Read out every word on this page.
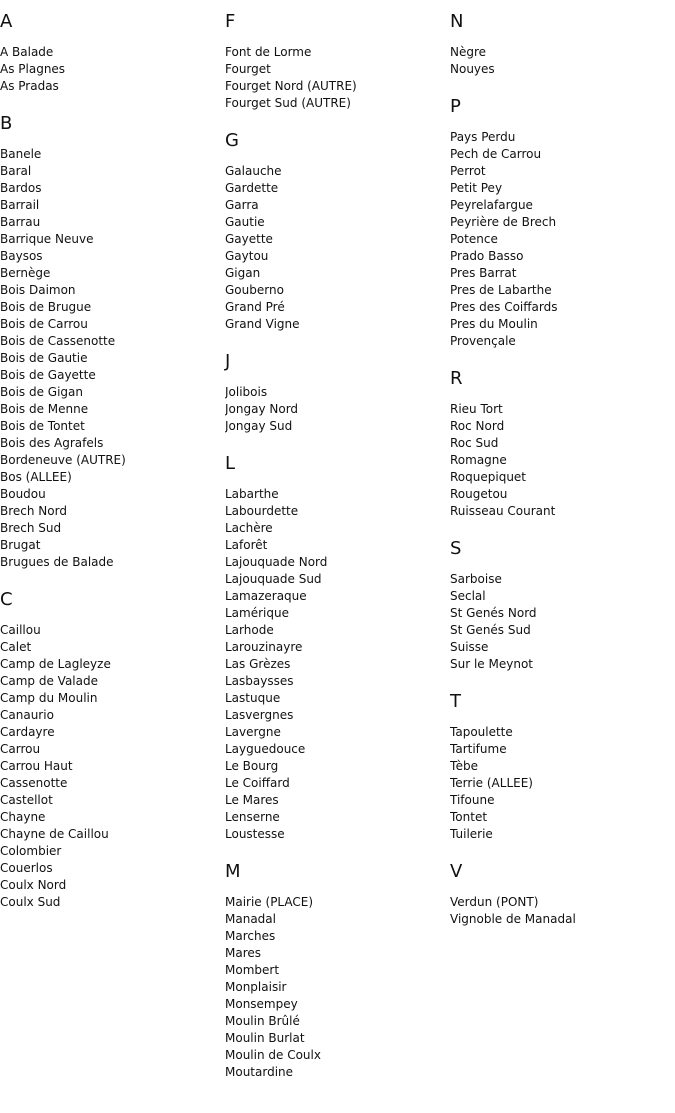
A
A Balade
As Plagnes
As Pradas
B
Banele
Baral
Bardos
Barrail
Barrau
Barrique Neuve
Baysos
Bernège
Bois Daimon
Bois de Brugue
Bois de Carrou
Bois de Cassenotte
Bois de Gautie
Bois de Gayette
Bois de Gigan
Bois de Menne
Bois de Tontet
Bois des Agrafels
Bordeneuve (AUTRE)
Bos (ALLEE)
Boudou
Brech Nord
Brech Sud
Brugat
Brugues de Balade
C
Caillou
Calet
Camp de Lagleyze
Camp de Valade
Camp du Moulin
Canaurio
Cardayre
Carrou
Carrou Haut
Cassenotte
Castellot
Chayne
Chayne de Caillou
Colombier
Couerlos
Coulx Nord
Coulx Sud
F
Font de Lorme
Fourget
Fourget Nord (AUTRE)
Fourget Sud (AUTRE)
G
Galauche
Gardette
Garra
Gautie
Gayette
Gaytou
Gigan
Gouberno
Grand Pré
Grand Vigne
J
Jolibois
Jongay Nord
Jongay Sud
L
Labarthe
Labourdette
Lachère
Laforêt
Lajouquade Nord
Lajouquade Sud
Lamazeraque
Lamérique
Larhode
Larouzinayre
Las Grèzes
Lasbaysses
Lastuque
Lasvergnes
Lavergne
Layguedouce
Le Bourg
Le Coiffard
Le Mares
Lenserne
Loustesse
M
Mairie (PLACE)
Manadal
Marches
Mares
Mombert
Monplaisir
Monsempey
Moulin Brûlé
Moulin Burlat
Moulin de Coulx
Moutardine
N
Nègre
Nouyes
P
Pays Perdu
Pech de Carrou
Perrot
Petit Pey
Peyrelafargue
Peyrière de Brech
Potence
Prado Basso
Pres Barrat
Pres de Labarthe
Pres des Coiffards
Pres du Moulin
Provençale
R
Rieu Tort
Roc Nord
Roc Sud
Romagne
Roquepiquet
Rougetou
Ruisseau Courant
S
Sarboise
Seclal
St Genés Nord
St Genés Sud
Suisse
Sur le Meynot
T
Tapoulette
Tartifume
Tèbe
Terrie (ALLEE)
Tifoune
Tontet
Tuilerie
V
Verdun (PONT)
Vignoble de Manadal
